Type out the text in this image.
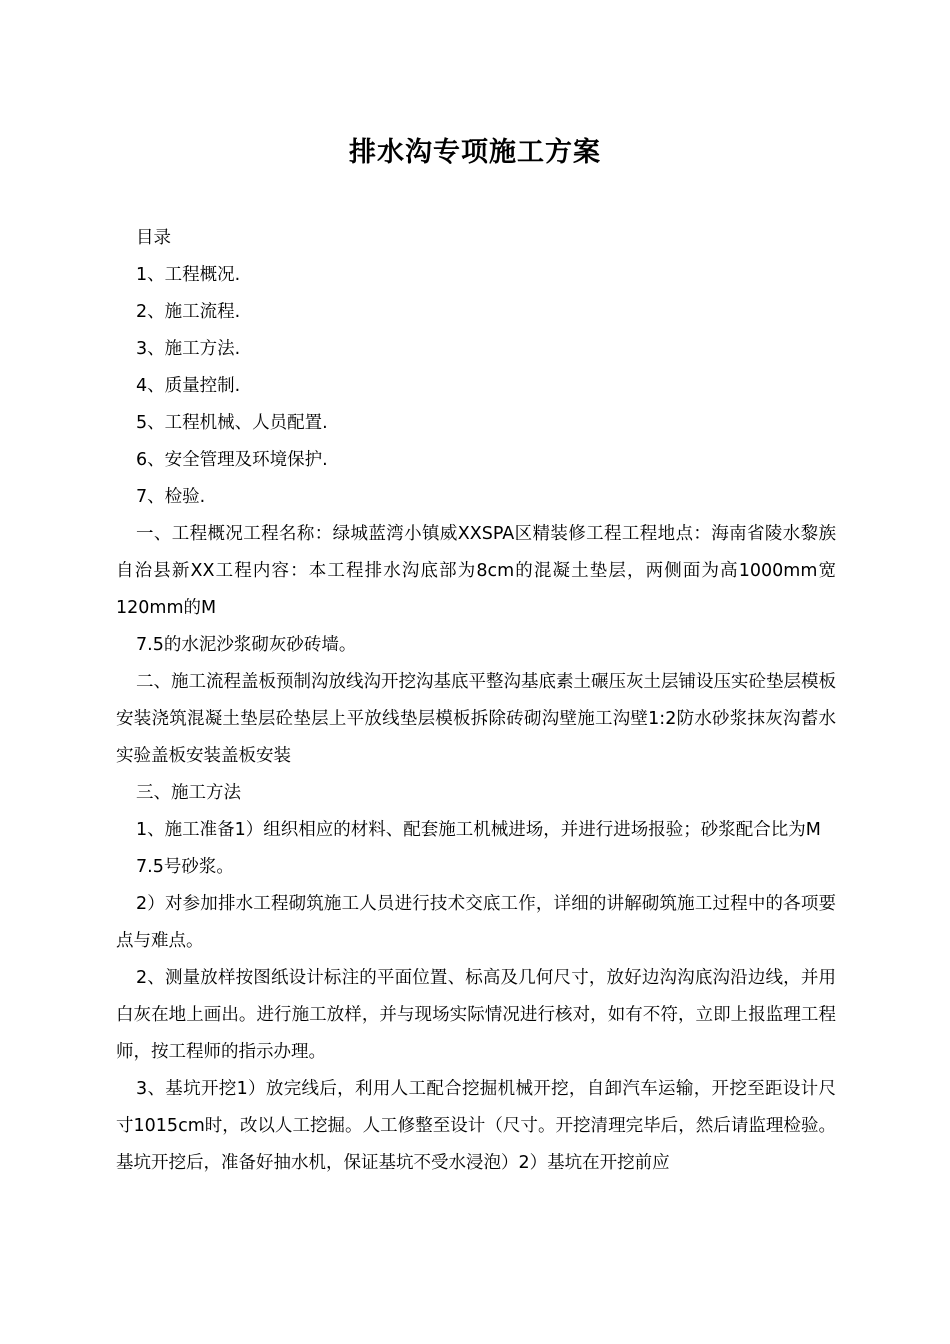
排水沟专项施工方案

目录

1、工程概况.

2、施工流程.

3、施工方法.

4、质量控制.

5、工程机械、人员配置.

6、安全管理及环境保护.

7、检验.

一、工程概况工程名称：绿城蓝湾小镇威XXSPA区精装修工程工程地点：海南省陵水黎族自治县新XX工程内容：本工程排水沟底部为8cm的混凝土垫层，两侧面为高1000mm宽120mm的M

7.5的水泥沙浆砌灰砂砖墙。

二、施工流程盖板预制沟放线沟开挖沟基底平整沟基底素土碾压灰土层铺设压实砼垫层模板安装浇筑混凝土垫层砼垫层上平放线垫层模板拆除砖砌沟壁施工沟壁1:2防水砂浆抹灰沟蓄水实验盖板安装盖板安装

三、施工方法

1、施工准备1）组织相应的材料、配套施工机械进场，并进行进场报验；砂浆配合比为M

7.5号砂浆。

2）对参加排水工程砌筑施工人员进行技术交底工作，详细的讲解砌筑施工过程中的各项要点与难点。

2、测量放样按图纸设计标注的平面位置、标高及几何尺寸，放好边沟沟底沟沿边线，并用白灰在地上画出。进行施工放样，并与现场实际情况进行核对，如有不符，立即上报监理工程师，按工程师的指示办理。

3、基坑开挖1）放完线后，利用人工配合挖掘机械开挖，自卸汽车运输，开挖至距设计尺寸1015cm时，改以人工挖掘。人工修整至设计（尺寸。开挖清理完毕后，然后请监理检验。基坑开挖后，准备好抽水机，保证基坑不受水浸泡）2）基坑在开挖前应
